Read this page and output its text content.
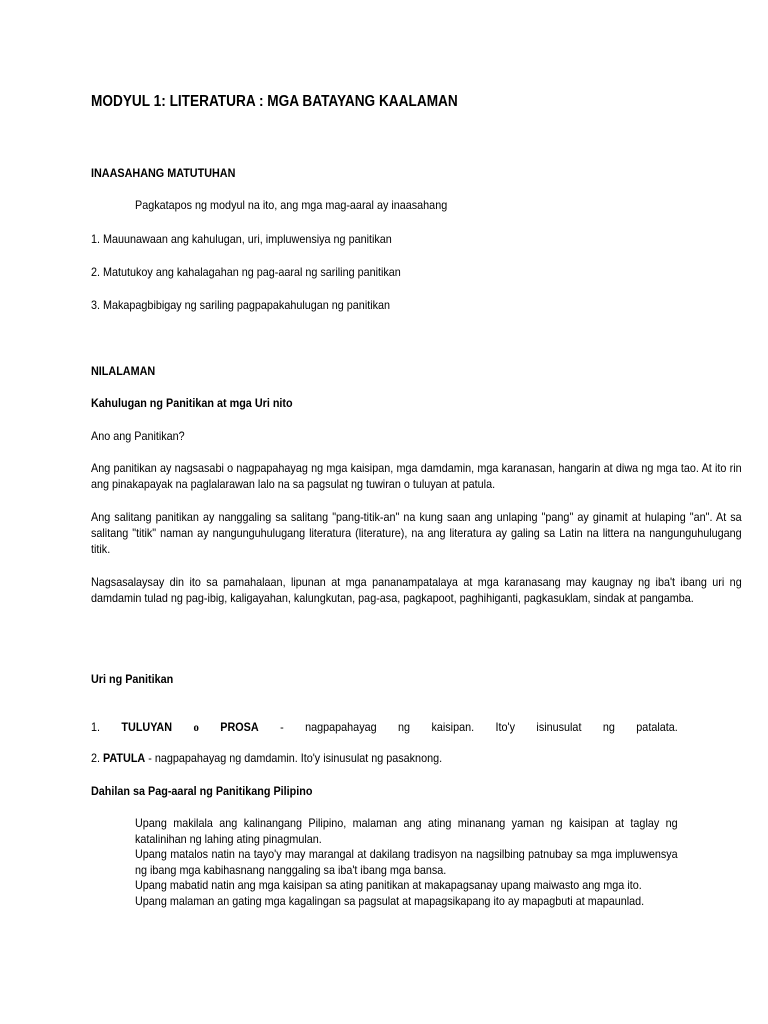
MODYUL 1: LITERATURA : MGA BATAYANG KAALAMAN
INAASAHANG MATUTUHAN
Pagkatapos ng modyul na ito, ang mga mag-aaral ay inaasahang
1. Mauunawaan ang kahulugan, uri, impluwensiya ng panitikan
2. Matutukoy ang kahalagahan ng pag-aaral ng sariling panitikan
3. Makapagbibigay ng sariling pagpapakahulugan ng panitikan
NILALAMAN
Kahulugan ng Panitikan at mga Uri nito
Ano ang Panitikan?
Ang panitikan ay nagsasabi o nagpapahayag ng mga kaisipan, mga damdamin, mga karanasan, hangarin at diwa ng mga tao. At ito rin ang pinakapayak na paglalarawan lalo na sa pagsulat ng tuwiran o tuluyan at patula.
Ang salitang panitikan ay nanggaling sa salitang "pang-titik-an" na kung saan ang unlaping "pang" ay ginamit at hulaping "an". At sa salitang "titik" naman ay nangunguhulugang literatura (literature), na ang literatura ay galing sa Latin na littera na nangunguhulugang titik.
Nagsasalaysay din ito sa pamahalaan, lipunan at mga pananampatalaya at mga karanasang may kaugnay ng iba't ibang uri ng damdamin tulad ng pag-ibig, kaligayahan, kalungkutan, pag-asa, pagkapoot, paghihiganti, pagkasuklam, sindak at pangamba.
Uri ng Panitikan
1. TULUYAN o PROSA - nagpapahayag ng kaisipan. Ito'y isinusulat ng patalata.
2. PATULA - nagpapahayag ng damdamin. Ito'y isinusulat ng pasaknong.
Dahilan sa Pag-aaral ng Panitikang Pilipino

Upang makilala ang kalinangang Pilipino, malaman ang ating minanang yaman ng kaisipan at taglay ng katalinihan ng lahing ating pinagmulan.

Upang matalos natin na tayo'y may marangal at dakilang tradisyon na nagsilbing patnubay sa mga impluwensya ng ibang mga kabihasnang nanggaling sa iba't ibang mga bansa.

Upang mabatid natin ang mga kaisipan sa ating panitikan at makapagsanay upang maiwasto ang mga ito.

Upang malaman an gating mga kagalingan sa pagsulat at mapagsikapang ito ay mapagbuti at mapaunlad.
